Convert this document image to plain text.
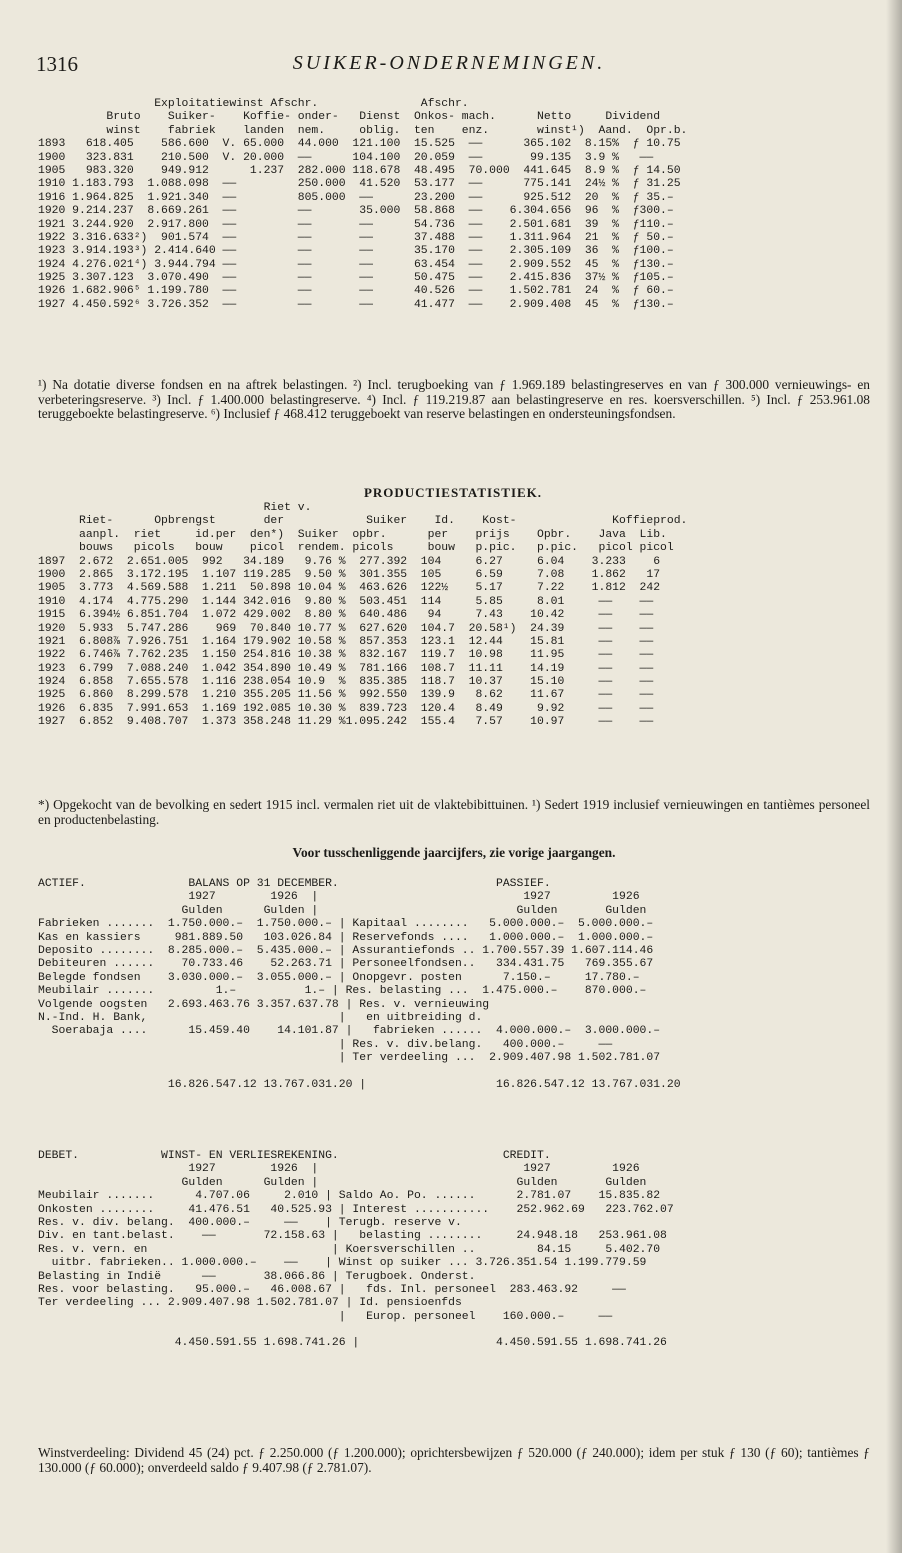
1316	SUIKER-ONDERNEMINGEN.
Exploitatiewinst Afschr.               Afschr.
Bruto    Suiker-    Koffie- onder-   Dienst  Onkos- mach.      Netto     Dividend
winst    fabriek    landen  nem.     oblig.  ten    enz.       winst¹)  Aand.  Opr.b.
1893   618.405    586.600  V. 65.000  44.000  121.100  15.525  ——      365.102  8.15%  ƒ 10.75
1900   323.831    210.500  V. 20.000  ——      104.100  20.059  ——       99.135  3.9 %   ——
1905   983.320    949.912      1.237  282.000 118.678  48.495  70.000  441.645  8.9 %  ƒ 14.50
1910 1.183.793  1.088.098  ——         250.000  41.520  53.177  ——      775.141  24½ %  ƒ 31.25
1916 1.964.825  1.921.340  ——         805.000  ——      23.200  ——      925.512  20  %  ƒ 35.–
1920 9.214.237  8.669.261  ——         ——       35.000  58.868  ——    6.304.656  96  %  ƒ300.–
1921 3.244.920  2.917.800  ——         ——       ——      54.736  ——    2.501.681  39  %  ƒ110.–
1922 3.316.633²)  901.574  ——         ——       ——      37.488  ——    1.311.964  21  %  ƒ 50.–
1923 3.914.193³) 2.414.640 ——         ——       ——      35.170  ——    2.305.109  36  %  ƒ100.–
1924 4.276.021⁴) 3.944.794 ——         ——       ——      63.454  ——    2.909.552  45  %  ƒ130.–
1925 3.307.123  3.070.490  ——         ——       ——      50.475  ——    2.415.836  37½ %  ƒ105.–
1926 1.682.906⁵ 1.199.780  ——         ——       ——      40.526  ——    1.502.781  24  %  ƒ 60.–
1927 4.450.592⁶ 3.726.352  ——         ——       ——      41.477  ——    2.909.408  45  %  ƒ130.–
¹) Na dotatie diverse fondsen en na aftrek belastingen. ²) Incl. terugboeking van ƒ 1.969.189 belastingreserves en van ƒ 300.000 vernieuwings- en verbeteringsreserve. ³) Incl. ƒ 1.400.000 belastingreserve. ⁴) Incl. ƒ 119.219.87 aan belastingreserve en res. koersverschillen. ⁵) Incl. ƒ 253.961.08 teruggeboekte belastingreserve. ⁶) Inclusief ƒ 468.412 teruggeboekt van reserve belastingen en ondersteuningsfondsen.
PRODUCTIESTATISTIEK.
Riet v.
Riet-      Opbrengst       der            Suiker    Id.    Kost-              Koffieprod.
aanpl.  riet     id.per  den*)  Suiker  opbr.      per    prijs    Opbr.    Java  Lib.
bouws   picols   bouw    picol  rendem. picols     bouw   p.pic.   p.pic.   picol picol
1897  2.672  2.651.005  992   34.189   9.76 %  277.392  104     6.27     6.04    3.233    6
1900  2.865  3.172.195  1.107 119.285  9.50 %  301.355  105     6.59     7.08    1.862   17
1905  3.773  4.569.588  1.211  50.898 10.04 %  463.626  122½    5.17     7.22    1.812  242
1910  4.174  4.775.290  1.144 342.016  9.80 %  503.451  114     5.85     8.01     ——    ——
1915  6.394½ 6.851.704  1.072 429.002  8.80 %  640.486   94     7.43    10.42     ——    ——
1920  5.933  5.747.286    969  70.840 10.77 %  627.620  104.7  20.58¹)  24.39     ——    ——
1921  6.808⅞ 7.926.751  1.164 179.902 10.58 %  857.353  123.1  12.44    15.81     ——    ——
1922  6.746⅞ 7.762.235  1.150 254.816 10.38 %  832.167  119.7  10.98    11.95     ——    ——
1923  6.799  7.088.240  1.042 354.890 10.49 %  781.166  108.7  11.11    14.19     ——    ——
1924  6.858  7.655.578  1.116 238.054 10.9  %  835.385  118.7  10.37    15.10     ——    ——
1925  6.860  8.299.578  1.210 355.205 11.56 %  992.550  139.9   8.62    11.67     ——    ——
1926  6.835  7.991.653  1.169 192.085 10.30 %  839.723  120.4   8.49     9.92     ——    ——
1927  6.852  9.408.707  1.373 358.248 11.29 %1.095.242  155.4   7.57    10.97     ——    ——
*) Opgekocht van de bevolking en sedert 1915 incl. vermalen riet uit de vlaktebibittuinen. ¹) Sedert 1919 inclusief vernieuwingen en tantièmes personeel en productenbelasting.
Voor tusschenliggende jaarcijfers, zie vorige jaargangen.
ACTIEF.               BALANS OP 31 DECEMBER.                       PASSIEF.
1927        1926  |                              1927         1926
Gulden      Gulden |                             Gulden       Gulden
Fabrieken .......  1.750.000.–  1.750.000.– | Kapitaal ........   5.000.000.–  5.000.000.–
Kas en kassiers     981.889.50   103.026.84 | Reservefonds ....   1.000.000.–  1.000.000.–
Deposito ........  8.285.000.–  5.435.000.– | Assurantiefonds .. 1.700.557.39 1.607.114.46
Debiteuren ......    70.733.46    52.263.71 | Personeelfondsen..   334.431.75   769.355.67
Belegde fondsen    3.030.000.–  3.055.000.– | Onopgevr. posten      7.150.–     17.780.–
Meubilair .......         1.–          1.– | Res. belasting ...  1.475.000.–    870.000.–
Volgende oogsten   2.693.463.76 3.357.637.78 | Res. v. vernieuwing
N.-Ind. H. Bank,                            |   en uitbreiding d.
Soerabaja ....      15.459.40    14.101.87 |   fabrieken ......  4.000.000.–  3.000.000.–
| Res. v. div.belang.   400.000.–     ——
| Ter verdeeling ...  2.909.407.98 1.502.781.07
16.826.547.12 13.767.031.20 |                   16.826.547.12 13.767.031.20
DEBET.            WINST- EN VERLIESREKENING.                        CREDIT.
1927        1926  |                              1927         1926
Gulden      Gulden |                             Gulden       Gulden
Meubilair .......      4.707.06     2.010 | Saldo Ao. Po. ......      2.781.07    15.835.82
Onkosten ........     41.476.51   40.525.93 | Interest ...........    252.962.69   223.762.07
Res. v. div. belang.  400.000.–     ——    | Terugb. reserve v.
Div. en tant.belast.    ——       72.158.63 |   belasting ........     24.948.18   253.961.08
Res. v. vern. en                           | Koersverschillen ..         84.15     5.402.70
uitbr. fabrieken.. 1.000.000.–    ——    | Winst op suiker ... 3.726.351.54 1.199.779.59
Belasting in Indië      ——       38.066.86 | Terugboek. Onderst.
Res. voor belasting.   95.000.–   46.008.67 |   fds. Inl. personeel  283.463.92     ——
Ter verdeeling ... 2.909.407.98 1.502.781.07 | Id. pensioenfds
|   Europ. personeel    160.000.–     ——
4.450.591.55 1.698.741.26 |                    4.450.591.55 1.698.741.26
Winstverdeeling: Dividend 45 (24) pct. ƒ 2.250.000 (ƒ 1.200.000); oprichtersbewijzen ƒ 520.000 (ƒ 240.000); idem per stuk ƒ 130 (ƒ 60); tantièmes ƒ 130.000 (ƒ 60.000); onverdeeld saldo ƒ 9.407.98 (ƒ 2.781.07).
